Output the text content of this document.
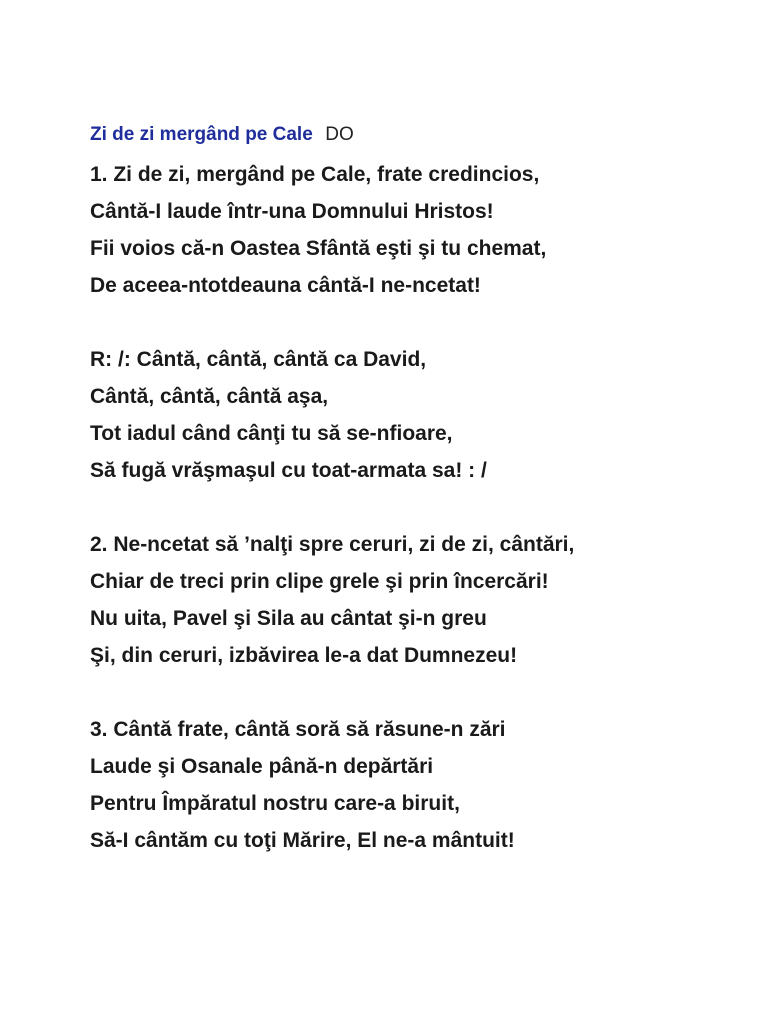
Zi de zi mergând pe Cale DO
1. Zi de zi, mergând pe Cale, frate credincios,
Cântă-I laude într-una Domnului Hristos!
Fii voios că-n Oastea Sfântă eşti şi tu chemat,
De aceea-ntotdeauna cântă-I ne-ncetat!
R: /: Cântă, cântă, cântă ca David,
Cântă, cântă, cântă aşa,
Tot iadul când cânţi tu să se-nfioare,
Să fugă vrăşmaşul cu toat-armata sa! : /
2. Ne-ncetat să ’nalţi spre ceruri, zi de zi, cântări,
Chiar de treci prin clipe grele şi prin încercări!
Nu uita, Pavel şi Sila au cântat şi-n greu
Şi, din ceruri, izbăvirea le-a dat Dumnezeu!
3. Cântă frate, cântă soră să răsune-n zări
Laude şi Osanale până-n depărtări
Pentru Împăratul nostru care-a biruit,
Să-I cântăm cu toţi Mărire, El ne-a mântuit!
